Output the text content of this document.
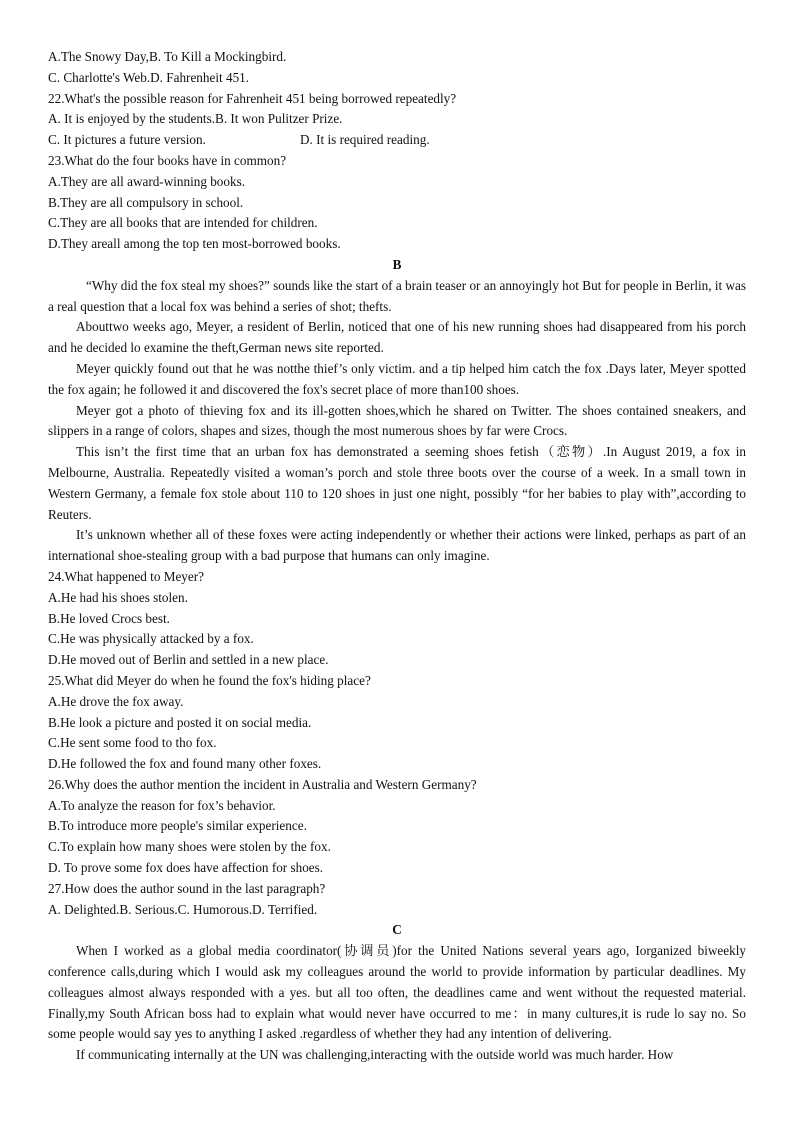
A.The Snowy Day,B. To Kill a Mockingbird.
C. Charlotte's Web.D. Fahrenheit 451.
22.What's the possible reason for Fahrenheit 451 being borrowed repeatedly?
A. It is enjoyed by the students.B. It won Pulitzer Prize.
C. It pictures a future version.	D. It is required reading.
23.What do the four books have in common?
A.They are all award-winning books.
B.They are all compulsory in school.
C.They are all books that are intended for children.
D.They areall among the top ten most-borrowed books.
B
“Why did the fox steal my shoes?” sounds like the start of a brain teaser or an annoyingly hot But for people in Berlin, it was a real question that a local fox was behind a series of shot; thefts.
Abouttwo weeks ago, Meyer, a resident of Berlin, noticed that one of his new running shoes had disappeared from his porch and he decided lo examine the theft,German news site reported.
Meyer quickly found out that he was notthe thief’s only victim. and a tip helped him catch the fox .Days later, Meyer spotted the fox again; he followed it and discovered the fox's secret place of more than100 shoes.
Meyer got a photo of thieving fox and its ill-gotten shoes,which he shared on Twitter. The shoes contained sneakers, and slippers in a range of colors, shapes and sizes, though the most numerous shoes by far were Crocs.
This isn’t the first time that an urban fox has demonstrated a seeming shoes fetish（恋物）.In August 2019, a fox in Melbourne, Australia. Repeatedly visited a woman’s porch and stole three boots over the course of a week. In a small town in Western Germany, a female fox stole about 110 to 120 shoes in just one night, possibly “for her babies to play with”,according to Reuters.
It’s unknown whether all of these foxes were acting independently or whether their actions were linked, perhaps as part of an international shoe-stealing group with a bad purpose that humans can only imagine.
24.What happened to Meyer?
A.He had his shoes stolen.
B.He loved Crocs best.
C.He was physically attacked by a fox.
D.He moved out of Berlin and settled in a new place.
25.What did Meyer do when he found the fox's hiding place?
A.He drove the fox away.
B.He look a picture and posted it on social media.
C.He sent some food to tho fox.
D.He followed the fox and found many other foxes.
26.Why does the author mention the incident in Australia and Western Germany?
A.To analyze the reason for fox’s behavior.
B.To introduce more people's similar experience.
C.To explain how many shoes were stolen by the fox.
D. To prove some fox does have affection for shoes.
27.How does the author sound in the last paragraph?
A. Delighted.B. Serious.C. Humorous.D. Terrified.
C
When I worked as a global media coordinator(协调员)for the United Nations several years ago, Iorganized biweekly conference calls,during which I would ask my colleagues around the world to provide information by particular deadlines. My colleagues almost always responded with a yes. but all too often, the deadlines came and went without the requested material. Finally,my South African boss had to explain what would never have occurred to me：in many cultures,it is rude lo say no. So some people would say yes to anything I asked .regardless of whether they had any intention of delivering.
If communicating internally at the UN was challenging,interacting with the outside world was much harder. How
